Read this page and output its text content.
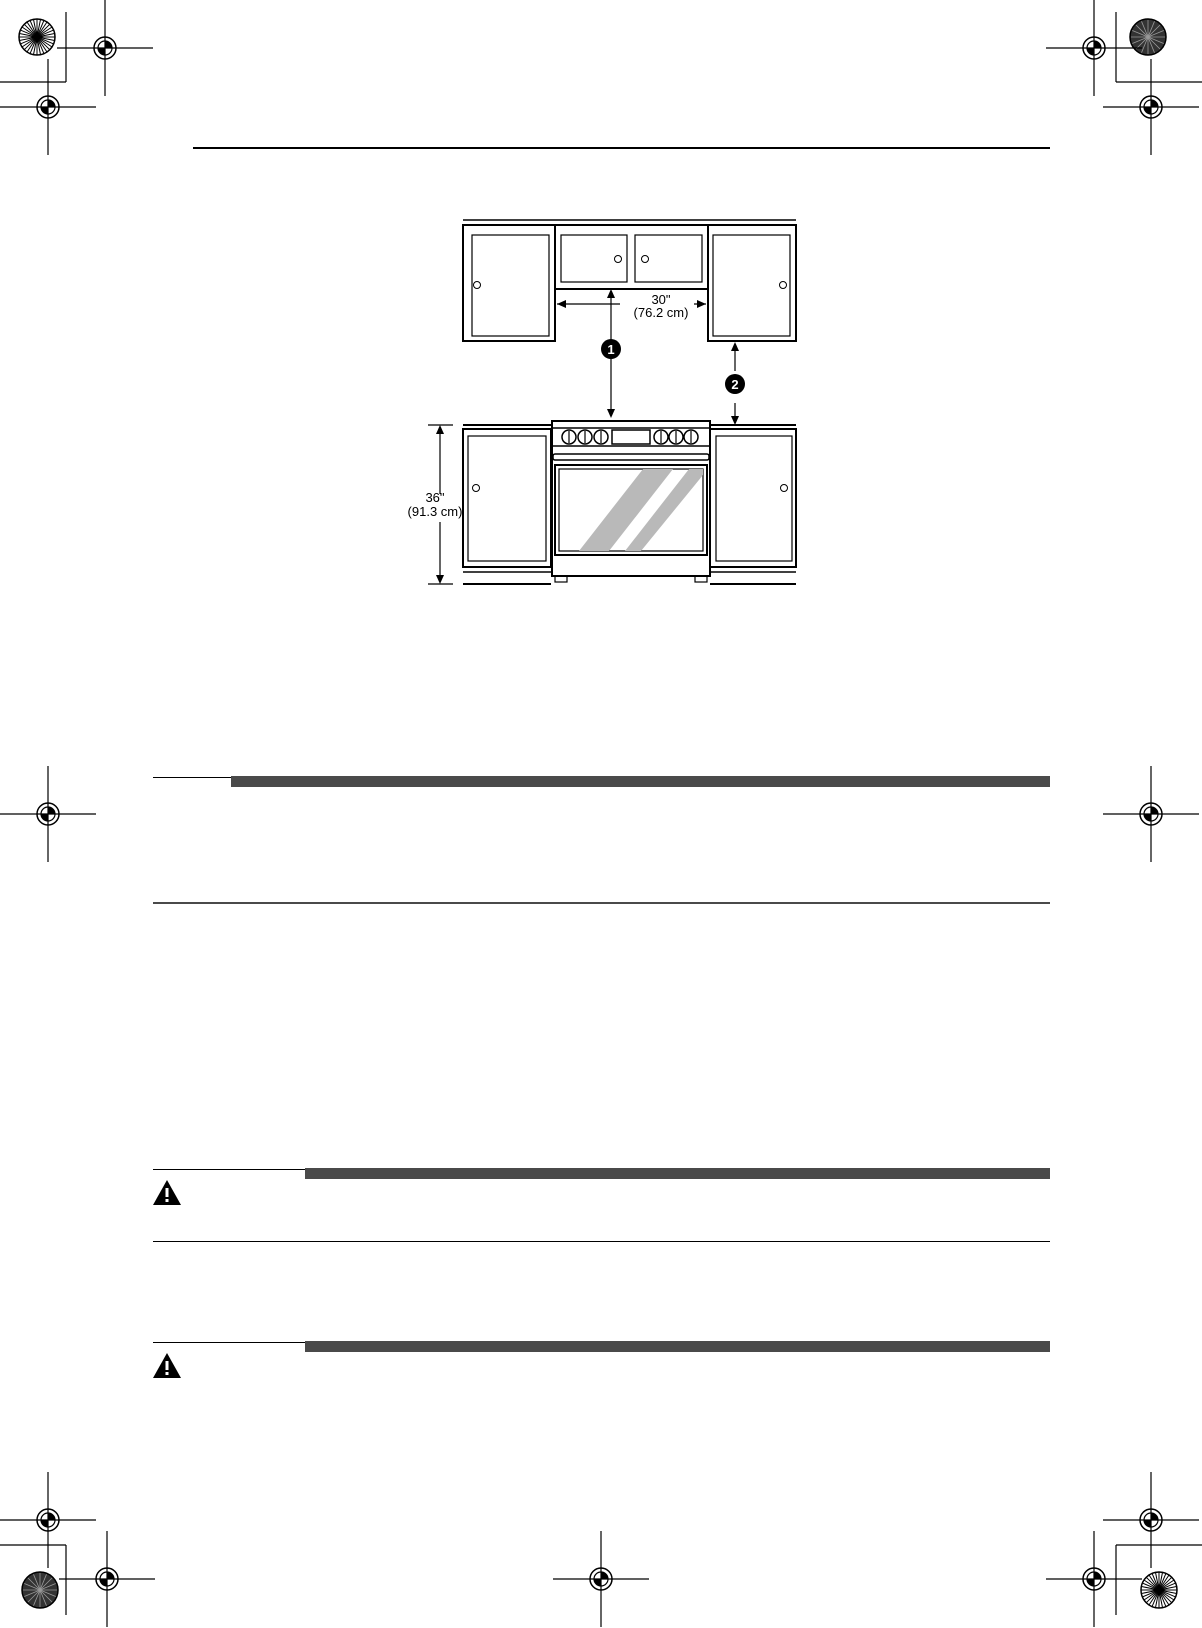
30"
(76.2 cm)
36"
(91.3 cm)
1
2
